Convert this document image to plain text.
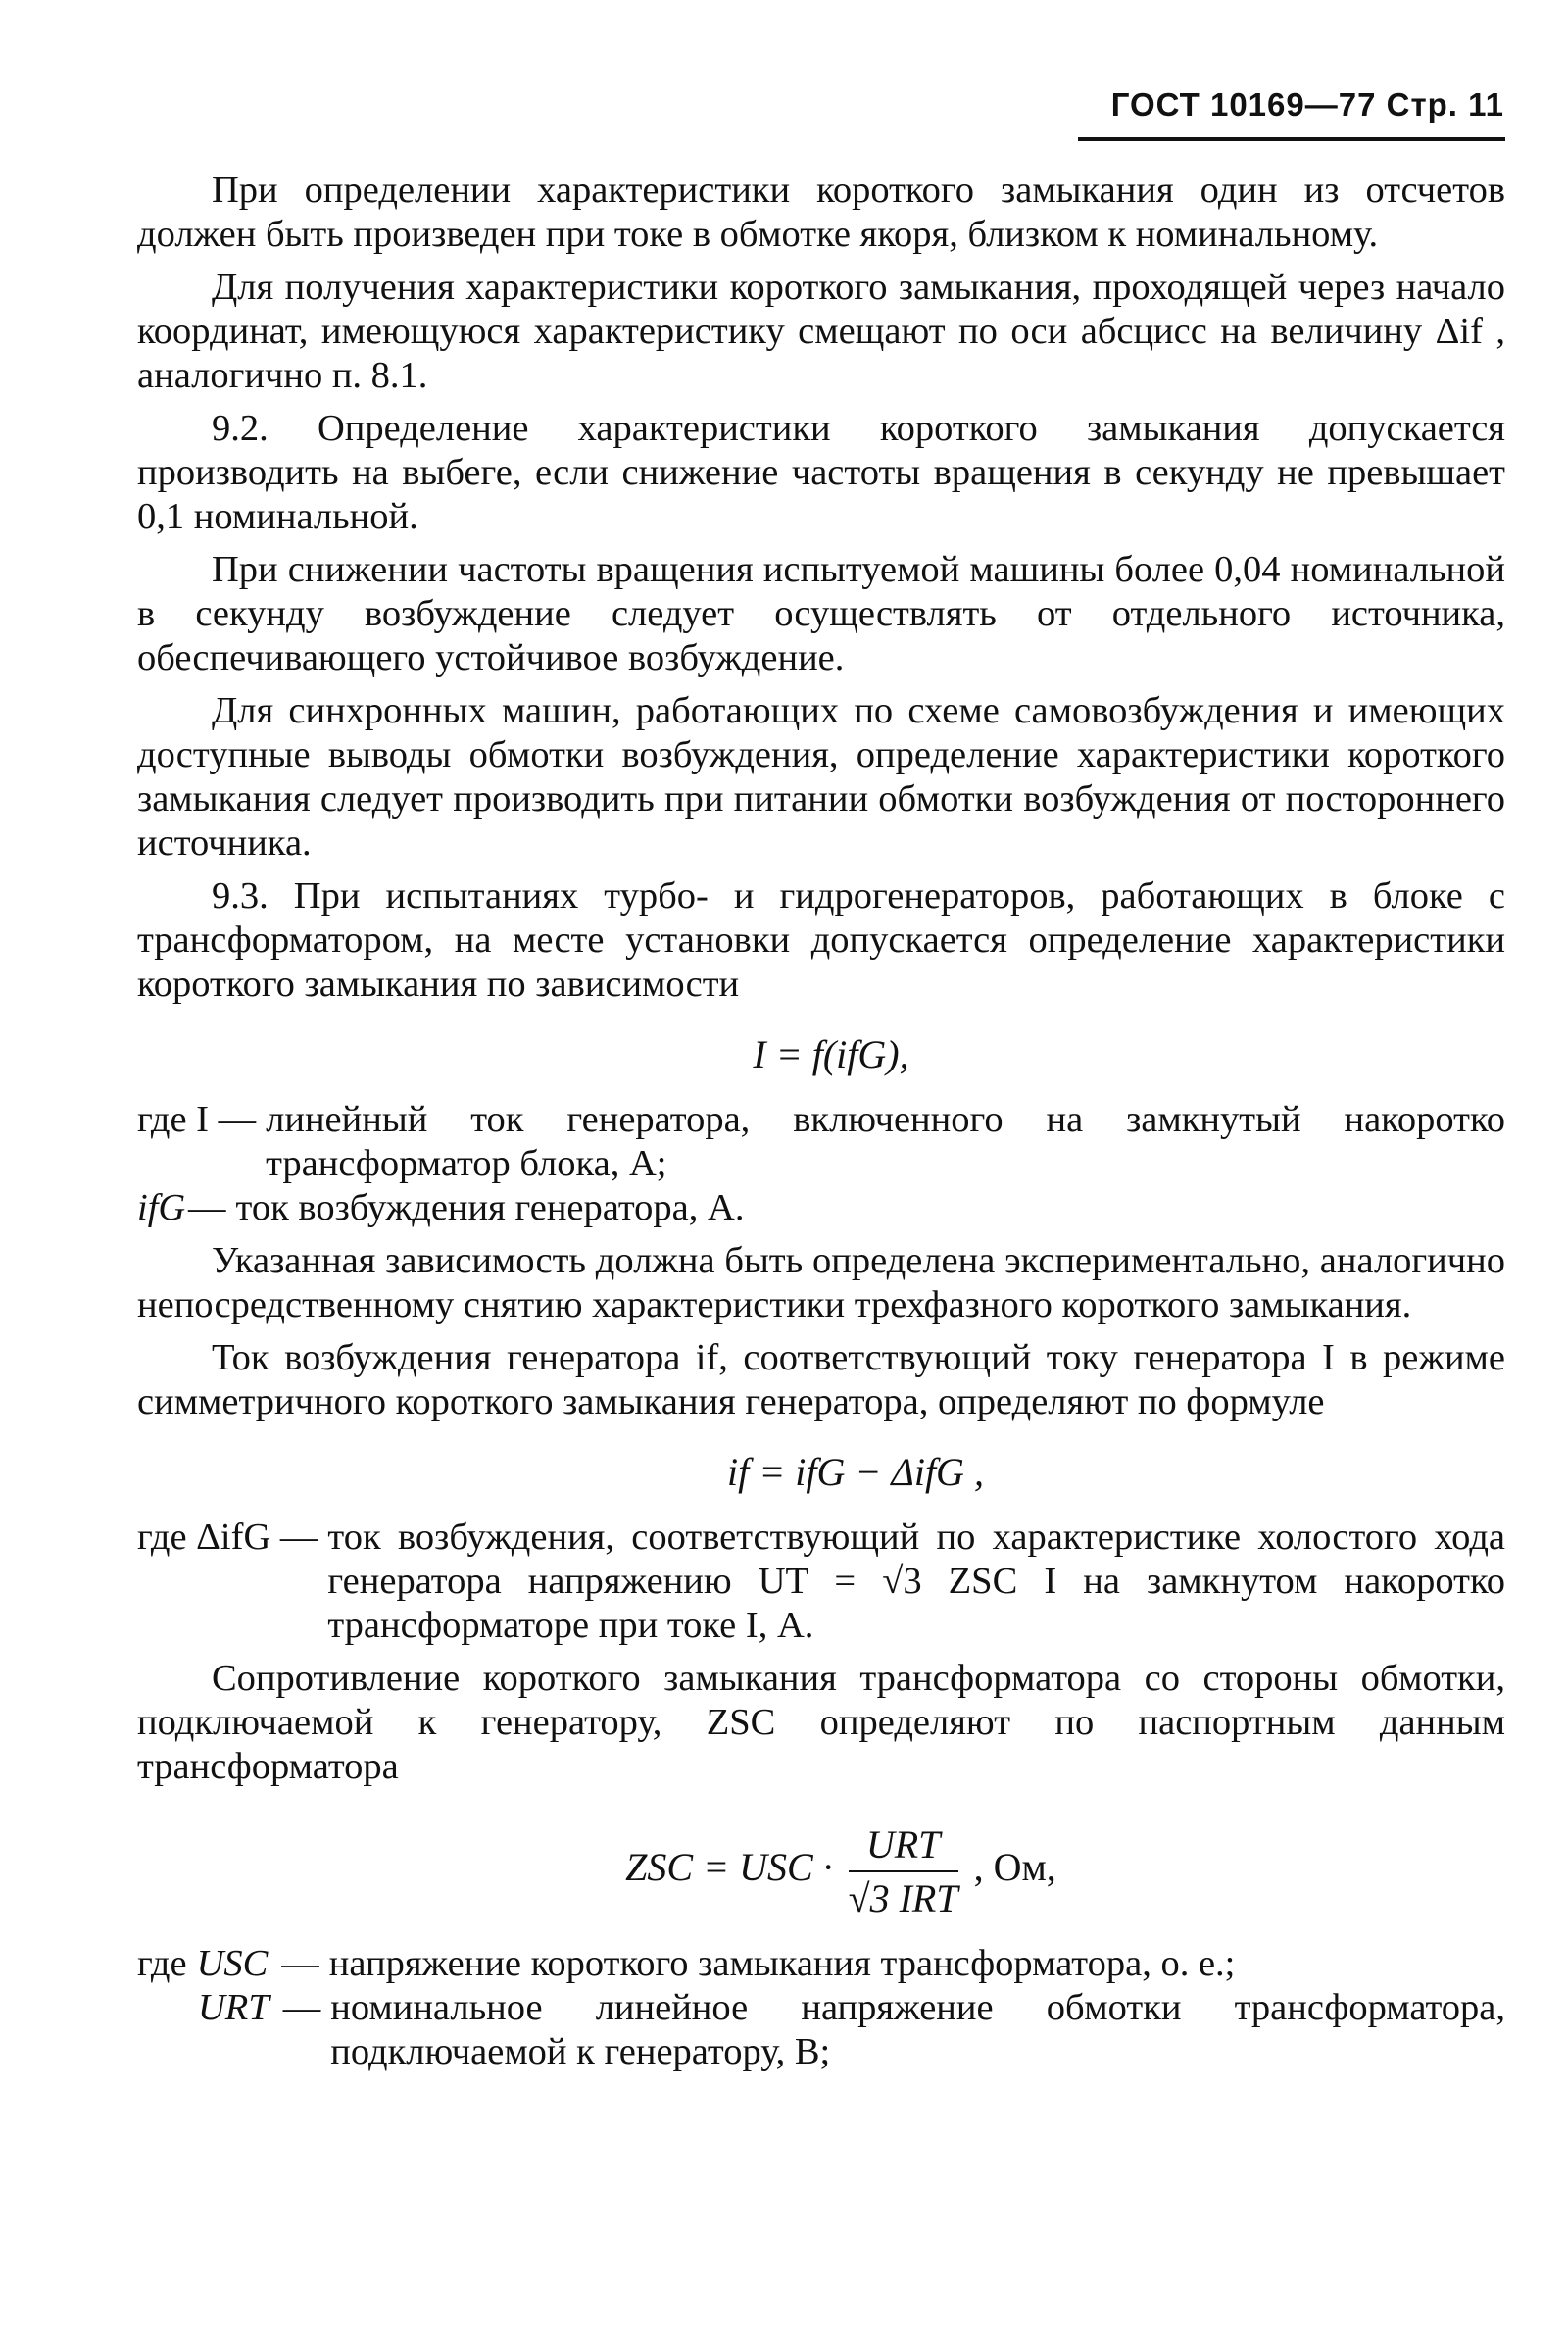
ГОСТ 10169—77 Стр. 11

При определении характеристики короткого замыкания один из отсчетов должен быть произведен при токе в обмотке якоря, близком к номинальному.

Для получения характеристики короткого замыкания, проходящей через начало координат, имеющуюся характеристику смещают по оси абсцисс на величину Δif , аналогично п. 8.1.

9.2. Определение характеристики короткого замыкания допускается производить на выбеге, если снижение частоты вращения в секунду не превышает 0,1 номинальной.

При снижении частоты вращения испытуемой машины более 0,04 номинальной в секунду возбуждение следует осуществлять от отдельного источника, обеспечивающего устойчивое возбуждение.

Для синхронных машин, работающих по схеме самовозбуждения и имеющих доступные выводы обмотки возбуждения, определение характеристики короткого замыкания следует производить при питании обмотки возбуждения от постороннего источника.

9.3. При испытаниях турбо- и гидрогенераторов, работающих в блоке с трансформатором, на месте установки допускается определение характеристики короткого замыкания по зависимости

I = f(ifG),
где I — линейный ток генератора, включенного на замкнутый накоротко трансформатор блока, А;
ifG — ток возбуждения генератора, А.

Указанная зависимость должна быть определена экспериментально, аналогично непосредственному снятию характеристики трехфазного короткого замыкания.

Ток возбуждения генератора if, соответствующий току генератора I в режиме симметричного короткого замыкания генератора, определяют по формуле

if = ifG − ΔifG ,
где ΔifG — ток возбуждения, соответствующий по характеристике холостого хода генератора напряжению UT = √3 ZSC I на замкнутом накоротко трансформаторе при токе I, А.

Сопротивление короткого замыкания трансформатора со стороны обмотки, подключаемой к генератору, ZSC определяют по паспортным данным трансформатора

ZSC = USC · $\frac{\text{URT}}{\text{√3 IRT}}$ , Ом,
где USC — напряжение короткого замыкания трансформатора, о. е.;
URT — номинальное линейное напряжение обмотки трансформатора, подключаемой к генератору, В;
